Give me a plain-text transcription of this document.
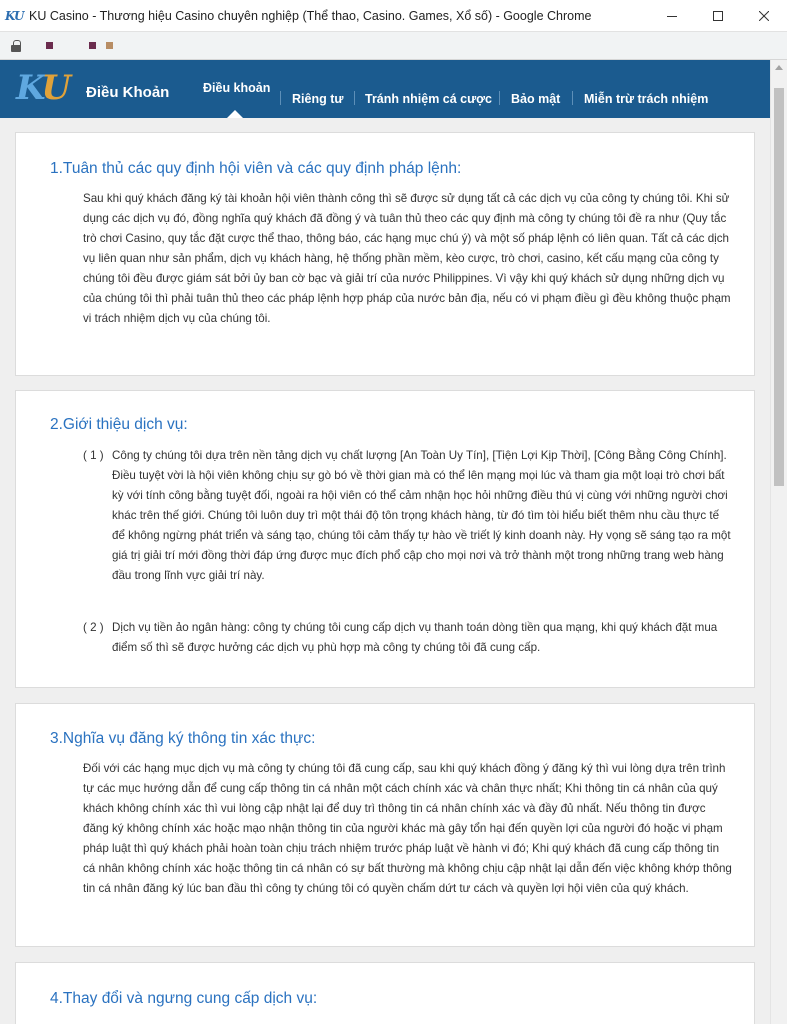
KU KU Casino - Thương hiệu Casino chuyên nghiệp (Thể thao, Casino. Games, Xổ số) - Google Chrome
KU Điều Khoản	Điều khoản
Riêng tư Tránh nhiệm cá cược Bảo mật Miễn trừ trách nhiệm
1.Tuân thủ các quy định hội viên và các quy định pháp lệnh:

Sau khi quý khách đăng ký tài khoản hội viên thành công thì sẽ được sử dụng tất cả các dịch vụ của công ty chúng tôi. Khi sử dụng các dịch vụ đó, đồng nghĩa quý khách đã đồng ý và tuân thủ theo các quy định mà công ty chúng tôi đề ra như (Quy tắc trò chơi Casino, quy tắc đặt cược thể thao, thông báo, các hạng mục chú ý) và một số pháp lệnh có liên quan. Tất cả các dịch vụ liên quan như sản phẩm, dịch vụ khách hàng, hệ thống phần mềm, kèo cược, trò chơi, casino, kết cấu mạng của công ty chúng tôi đều được giám sát bởi ủy ban cờ bạc và giải trí của nước Philippines. Vì vậy khi quý khách sử dụng những dịch vụ của chúng tôi thì phải tuân thủ theo các pháp lệnh hợp pháp của nước bản địa, nếu có vi phạm điều gì đều không thuộc phạm vi trách nhiệm dịch vụ của chúng tôi.

2.Giới thiệu dịch vụ:
( 1 ) Công ty chúng tôi dựa trên nền tảng dịch vụ chất lượng [An Toàn Uy Tín], [Tiện Lợi Kịp Thời], [Công Bằng Công Chính]. Điều tuyệt vời là hội viên không chịu sự gò bó về thời gian mà có thể lên mạng mọi lúc và tham gia một loại trò chơi bất kỳ với tính công bằng tuyệt đối, ngoài ra hội viên có thể cảm nhận học hỏi những điều thú vị cùng với những người chơi khác trên thế giới. Chúng tôi luôn duy trì một thái độ tôn trọng khách hàng, từ đó tìm tòi hiểu biết thêm nhu cầu thực tế để không ngừng phát triển và sáng tạo, chúng tôi cảm thấy tự hào về triết lý kinh doanh này. Hy vọng sẽ sáng tạo ra một giá trị giải trí mới đồng thời đáp ứng được mục đích phổ cập cho mọi nơi và trở thành một trong những trang web hàng đầu trong lĩnh vực giải trí này.
( 2 ) Dịch vụ tiền ảo ngân hàng: công ty chúng tôi cung cấp dịch vụ thanh toán dòng tiền qua mạng, khi quý khách đặt mua điểm số thì sẽ được hưởng các dịch vụ phù hợp mà công ty chúng tôi đã cung cấp.
3.Nghĩa vụ đăng ký thông tin xác thực:

Đối với các hạng mục dịch vụ mà công ty chúng tôi đã cung cấp, sau khi quý khách đồng ý đăng ký thì vui lòng dựa trên trình tự các mục hướng dẫn để cung cấp thông tin cá nhân một cách chính xác và chân thực nhất; Khi thông tin cá nhân của quý khách không chính xác thì vui lòng cập nhật lại để duy trì thông tin cá nhân chính xác và đầy đủ nhất. Nếu thông tin được đăng ký không chính xác hoặc mạo nhận thông tin của người khác mà gây tổn hại đến quyền lợi của người đó hoặc vi phạm pháp luật thì quý khách phải hoàn toàn chịu trách nhiệm trước pháp luật về hành vi đó; Khi quý khách đã cung cấp thông tin cá nhân không chính xác hoặc thông tin cá nhân có sự bất thường mà không chịu cập nhật lại dẫn đến việc không khớp thông tin cá nhân đăng ký lúc ban đầu thì công ty chúng tôi có quyền chấm dứt tư cách và quyền lợi hội viên của quý khách.

4.Thay đổi và ngưng cung cấp dịch vụ:
